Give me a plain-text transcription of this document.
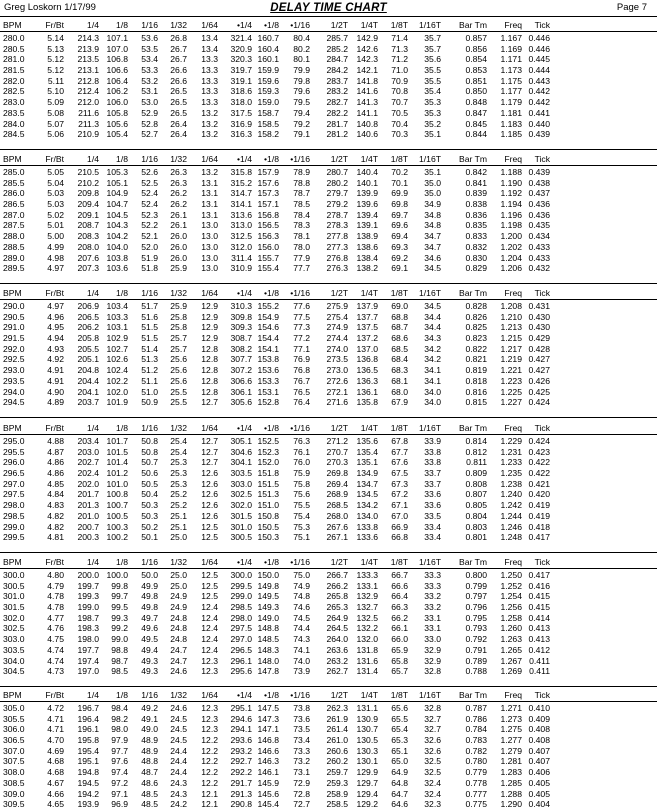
Greg Loskorn 1/17/99	DELAY TIME CHART	Page 7
BPM	Fr/Bt	1/4	1/8	1/16	1/32	1/64	•1/4	•1/8	•1/16	1/2T	1/4T	1/8T	1/16T	Bar Tm	Freq	Tick
280.0	5.14	214.3 107.1	53.6	26.8	13.4	321.4 160.7	80.4	285.7 142.9	71.4	35.7	0.857	1.167 0.446
280.5	5.13	213.9 107.0	53.5	26.7	13.4	320.9 160.4	80.2	285.2 142.6	71.3	35.7	0.856	1.169 0.446
281.0	5.12	213.5 106.8	53.4	26.7	13.3	320.3 160.1	80.1	284.7 142.3	71.2	35.6	0.854	1.171 0.445
281.5	5.12	213.1 106.6	53.3	26.6	13.3	319.7 159.9	79.9	284.2 142.1	71.0	35.5	0.853	1.173 0.444
282.0	5.11	212.8 106.4	53.2	26.6	13.3	319.1 159.6	79.8	283.7 141.8	70.9	35.5	0.851	1.175 0.443
282.5	5.10	212.4 106.2	53.1	26.5	13.3	318.6 159.3	79.6	283.2 141.6	70.8	35.4	0.850	1.177 0.442
283.0	5.09	212.0 106.0	53.0	26.5	13.3	318.0 159.0	79.5	282.7 141.3	70.7	35.3	0.848	1.179 0.442
283.5	5.08	211.6 105.8	52.9	26.5	13.2	317.5 158.7	79.4	282.2 141.1	70.5	35.3	0.847	1.181 0.441
284.0	5.07	211.3 105.6	52.8	26.4	13.2	316.9 158.5	79.2	281.7 140.8	70.4	35.2	0.845	1.183 0.440
284.5	5.06	210.9 105.4	52.7	26.4	13.2	316.3 158.2	79.1	281.2 140.6	70.3	35.1	0.844	1.185 0.439
BPM	Fr/Bt	1/4	1/8	1/16	1/32	1/64	•1/4	•1/8	•1/16	1/2T	1/4T	1/8T	1/16T	Bar Tm	Freq	Tick
285.0	5.05	210.5 105.3	52.6	26.3	13.2	315.8 157.9	78.9	280.7 140.4	70.2	35.1	0.842	1.188 0.439
285.5	5.04	210.2 105.1	52.5	26.3	13.1	315.2 157.6	78.8	280.2 140.1	70.1	35.0	0.841	1.190 0.438
286.0	5.03	209.8 104.9	52.4	26.2	13.1	314.7 157.3	78.7	279.7 139.9	69.9	35.0	0.839	1.192 0.437
286.5	5.03	209.4 104.7	52.4	26.2	13.1	314.1 157.1	78.5	279.2 139.6	69.8	34.9	0.838	1.194 0.436
287.0	5.02	209.1 104.5	52.3	26.1	13.1	313.6 156.8	78.4	278.7 139.4	69.7	34.8	0.836	1.196 0.436
287.5	5.01	208.7 104.3	52.2	26.1	13.0	313.0 156.5	78.3	278.3 139.1	69.6	34.8	0.835	1.198 0.435
288.0	5.00	208.3 104.2	52.1	26.0	13.0	312.5 156.3	78.1	277.8 138.9	69.4	34.7	0.833	1.200 0.434
288.5	4.99	208.0 104.0	52.0	26.0	13.0	312.0 156.0	78.0	277.3 138.6	69.3	34.7	0.832	1.202 0.433
289.0	4.98	207.6 103.8	51.9	26.0	13.0	311.4 155.7	77.9	276.8 138.4	69.2	34.6	0.830	1.204 0.433
289.5	4.97	207.3 103.6	51.8	25.9	13.0	310.9 155.4	77.7	276.3 138.2	69.1	34.5	0.829	1.206 0.432
BPM	Fr/Bt	1/4	1/8	1/16	1/32	1/64	•1/4	•1/8	•1/16	1/2T	1/4T	1/8T	1/16T	Bar Tm	Freq	Tick
290.0	4.97	206.9 103.4	51.7	25.9	12.9	310.3 155.2	77.6	275.9 137.9	69.0	34.5	0.828	1.208 0.431
290.5	4.96	206.5 103.3	51.6	25.8	12.9	309.8 154.9	77.5	275.4 137.7	68.8	34.4	0.826	1.210 0.430
291.0	4.95	206.2 103.1	51.5	25.8	12.9	309.3 154.6	77.3	274.9 137.5	68.7	34.4	0.825	1.213 0.430
291.5	4.94	205.8 102.9	51.5	25.7	12.9	308.7 154.4	77.2	274.4 137.2	68.6	34.3	0.823	1.215 0.429
292.0	4.93	205.5 102.7	51.4	25.7	12.8	308.2 154.1	77.1	274.0 137.0	68.5	34.2	0.822	1.217 0.428
292.5	4.92	205.1 102.6	51.3	25.6	12.8	307.7 153.8	76.9	273.5 136.8	68.4	34.2	0.821	1.219 0.427
293.0	4.91	204.8 102.4	51.2	25.6	12.8	307.2 153.6	76.8	273.0 136.5	68.3	34.1	0.819	1.221 0.427
293.5	4.91	204.4 102.2	51.1	25.6	12.8	306.6 153.3	76.7	272.6 136.3	68.1	34.1	0.818	1.223 0.426
294.0	4.90	204.1 102.0	51.0	25.5	12.8	306.1 153.1	76.5	272.1 136.1	68.0	34.0	0.816	1.225 0.425
294.5	4.89	203.7 101.9	50.9	25.5	12.7	305.6 152.8	76.4	271.6 135.8	67.9	34.0	0.815	1.227 0.424
BPM	Fr/Bt	1/4	1/8	1/16	1/32	1/64	•1/4	•1/8	•1/16	1/2T	1/4T	1/8T	1/16T	Bar Tm	Freq	Tick
295.0	4.88	203.4 101.7	50.8	25.4	12.7	305.1 152.5	76.3	271.2 135.6	67.8	33.9	0.814	1.229 0.424
295.5	4.87	203.0 101.5	50.8	25.4	12.7	304.6 152.3	76.1	270.7 135.4	67.7	33.8	0.812	1.231 0.423
296.0	4.86	202.7 101.4	50.7	25.3	12.7	304.1 152.0	76.0	270.3 135.1	67.6	33.8	0.811	1.233 0.422
296.5	4.86	202.4 101.2	50.6	25.3	12.6	303.5 151.8	75.9	269.8 134.9	67.5	33.7	0.809	1.235 0.422
297.0	4.85	202.0 101.0	50.5	25.3	12.6	303.0 151.5	75.8	269.4 134.7	67.3	33.7	0.808	1.238 0.421
297.5	4.84	201.7 100.8	50.4	25.2	12.6	302.5 151.3	75.6	268.9 134.5	67.2	33.6	0.807	1.240 0.420
298.0	4.83	201.3 100.7	50.3	25.2	12.6	302.0 151.0	75.5	268.5 134.2	67.1	33.6	0.805	1.242 0.419
298.5	4.82	201.0 100.5	50.3	25.1	12.6	301.5 150.8	75.4	268.0 134.0	67.0	33.5	0.804	1.244 0.419
299.0	4.82	200.7 100.3	50.2	25.1	12.5	301.0 150.5	75.3	267.6 133.8	66.9	33.4	0.803	1.246 0.418
299.5	4.81	200.3 100.2	50.1	25.0	12.5	300.5 150.3	75.1	267.1 133.6	66.8	33.4	0.801	1.248 0.417
BPM	Fr/Bt	1/4	1/8	1/16	1/32	1/64	•1/4	•1/8	•1/16	1/2T	1/4T	1/8T	1/16T	Bar Tm	Freq	Tick
300.0	4.80	200.0 100.0	50.0	25.0	12.5	300.0 150.0	75.0	266.7 133.3	66.7	33.3	0.800	1.250 0.417
300.5	4.79	199.7	99.8	49.9	25.0	12.5	299.5 149.8	74.9	266.2 133.1	66.6	33.3	0.799	1.252 0.416
301.0	4.78	199.3	99.7	49.8	24.9	12.5	299.0 149.5	74.8	265.8 132.9	66.4	33.2	0.797	1.254 0.415
301.5	4.78	199.0	99.5	49.8	24.9	12.4	298.5 149.3	74.6	265.3 132.7	66.3	33.2	0.796	1.256 0.415
302.0	4.77	198.7	99.3	49.7	24.8	12.4	298.0 149.0	74.5	264.9 132.5	66.2	33.1	0.795	1.258 0.414
302.5	4.76	198.3	99.2	49.6	24.8	12.4	297.5 148.8	74.4	264.5 132.2	66.1	33.1	0.793	1.260 0.413
303.0	4.75	198.0	99.0	49.5	24.8	12.4	297.0 148.5	74.3	264.0 132.0	66.0	33.0	0.792	1.263 0.413
303.5	4.74	197.7	98.8	49.4	24.7	12.4	296.5 148.3	74.1	263.6 131.8	65.9	32.9	0.791	1.265 0.412
304.0	4.74	197.4	98.7	49.3	24.7	12.3	296.1 148.0	74.0	263.2 131.6	65.8	32.9	0.789	1.267 0.411
304.5	4.73	197.0	98.5	49.3	24.6	12.3	295.6 147.8	73.9	262.7 131.4	65.7	32.8	0.788	1.269 0.411
BPM	Fr/Bt	1/4	1/8	1/16	1/32	1/64	•1/4	•1/8	•1/16	1/2T	1/4T	1/8T	1/16T	Bar Tm	Freq	Tick
305.0	4.72	196.7	98.4	49.2	24.6	12.3	295.1 147.5	73.8	262.3 131.1	65.6	32.8	0.787	1.271 0.410
305.5	4.71	196.4	98.2	49.1	24.5	12.3	294.6 147.3	73.6	261.9 130.9	65.5	32.7	0.786	1.273 0.409
306.0	4.71	196.1	98.0	49.0	24.5	12.3	294.1 147.1	73.5	261.4 130.7	65.4	32.7	0.784	1.275 0.408
306.5	4.70	195.8	97.9	48.9	24.5	12.2	293.6 146.8	73.4	261.0 130.5	65.3	32.6	0.783	1.277 0.408
307.0	4.69	195.4	97.7	48.9	24.4	12.2	293.2 146.6	73.3	260.6 130.3	65.1	32.6	0.782	1.279 0.407
307.5	4.68	195.1	97.6	48.8	24.4	12.2	292.7 146.3	73.2	260.2 130.1	65.0	32.5	0.780	1.281 0.407
308.0	4.68	194.8	97.4	48.7	24.4	12.2	292.2 146.1	73.1	259.7 129.9	64.9	32.5	0.779	1.283 0.406
308.5	4.67	194.5	97.2	48.6	24.3	12.2	291.7 145.9	72.9	259.3 129.7	64.8	32.4	0.778	1.285 0.405
309.0	4.66	194.2	97.1	48.5	24.3	12.1	291.3 145.6	72.8	258.9 129.4	64.7	32.4	0.777	1.288 0.405
309.5	4.65	193.9	96.9	48.5	24.2	12.1	290.8 145.4	72.7	258.5 129.2	64.6	32.3	0.775	1.290 0.404
